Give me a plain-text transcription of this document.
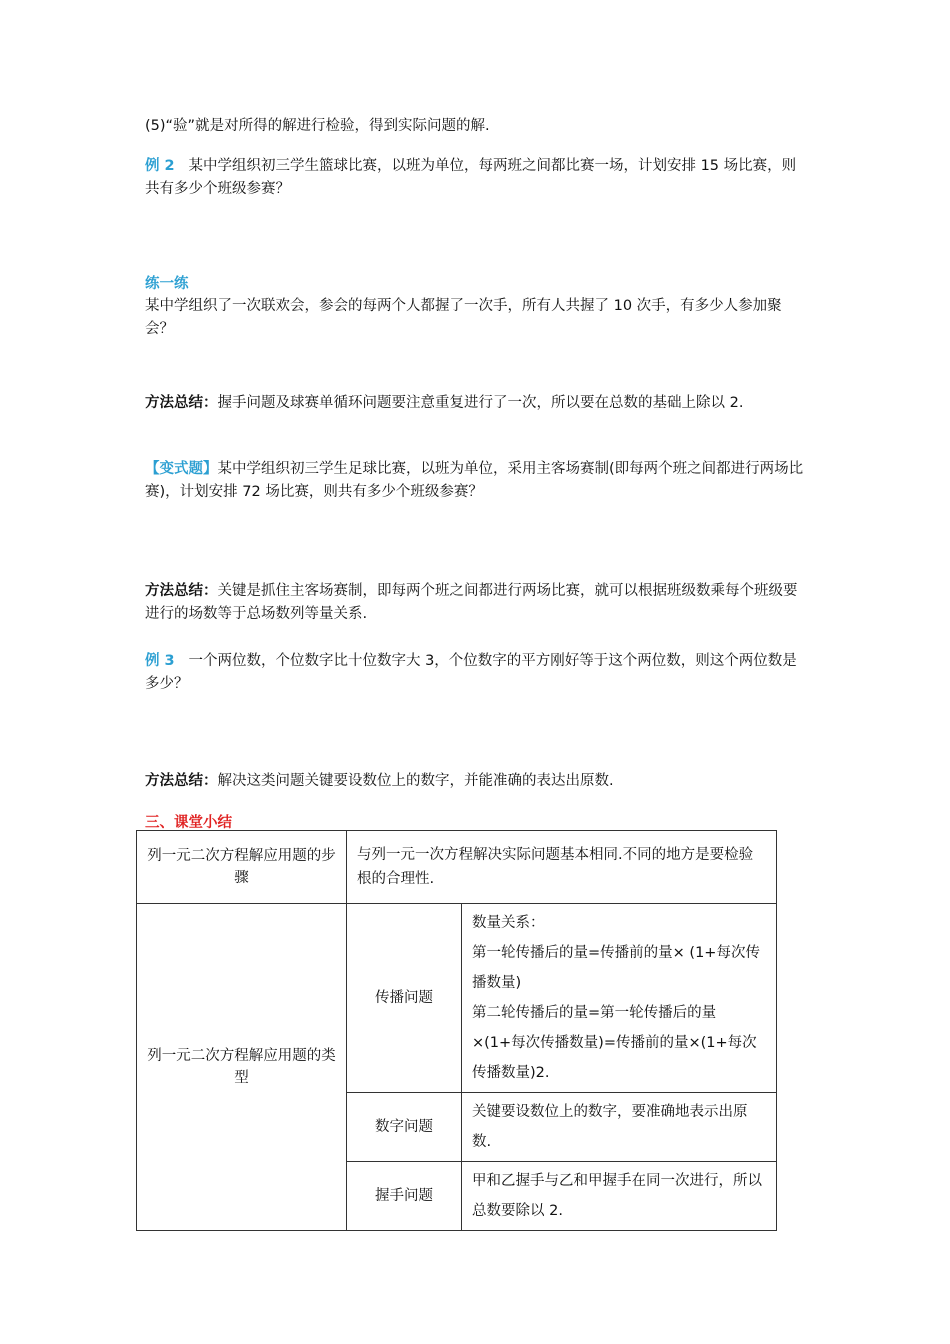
(5)“验”就是对所得的解进行检验，得到实际问题的解.
例 2 某中学组织初三学生篮球比赛，以班为单位，每两班之间都比赛一场，计划安排 15 场比赛，则共有多少个班级参赛？
练一练
某中学组织了一次联欢会，参会的每两个人都握了一次手，所有人共握了 10 次手，有多少人参加聚会？
方法总结：握手问题及球赛单循环问题要注意重复进行了一次，所以要在总数的基础上除以 2.
【变式题】某中学组织初三学生足球比赛，以班为单位，采用主客场赛制(即每两个班之间都进行两场比赛)，计划安排 72 场比赛，则共有多少个班级参赛？
方法总结：关键是抓住主客场赛制，即每两个班之间都进行两场比赛，就可以根据班级数乘每个班级要进行的场数等于总场数列等量关系.
例 3 一个两位数，个位数字比十位数字大 3，个位数字的平方刚好等于这个两位数，则这个两位数是多少？
方法总结：解决这类问题关键要设数位上的数字，并能准确的表达出原数.
三、课堂小结
列一元二次方程解应用题的步骤	与列一元一次方程解决实际问题基本相同.不同的地方是要检验根的合理性.	
列一元二次方程解应用题的类型	传播问题	数量关系：
第一轮传播后的量=传播前的量× (1+每次传播数量)
第二轮传播后的量=第一轮传播后的量×(1+每次传播数量)=传播前的量×(1+每次传播数量)2.

	数字问题	关键要设数位上的数字，要准确地表示出原数.

	握手问题	甲和乙握手与乙和甲握手在同一次进行，所以总数要除以 2.
